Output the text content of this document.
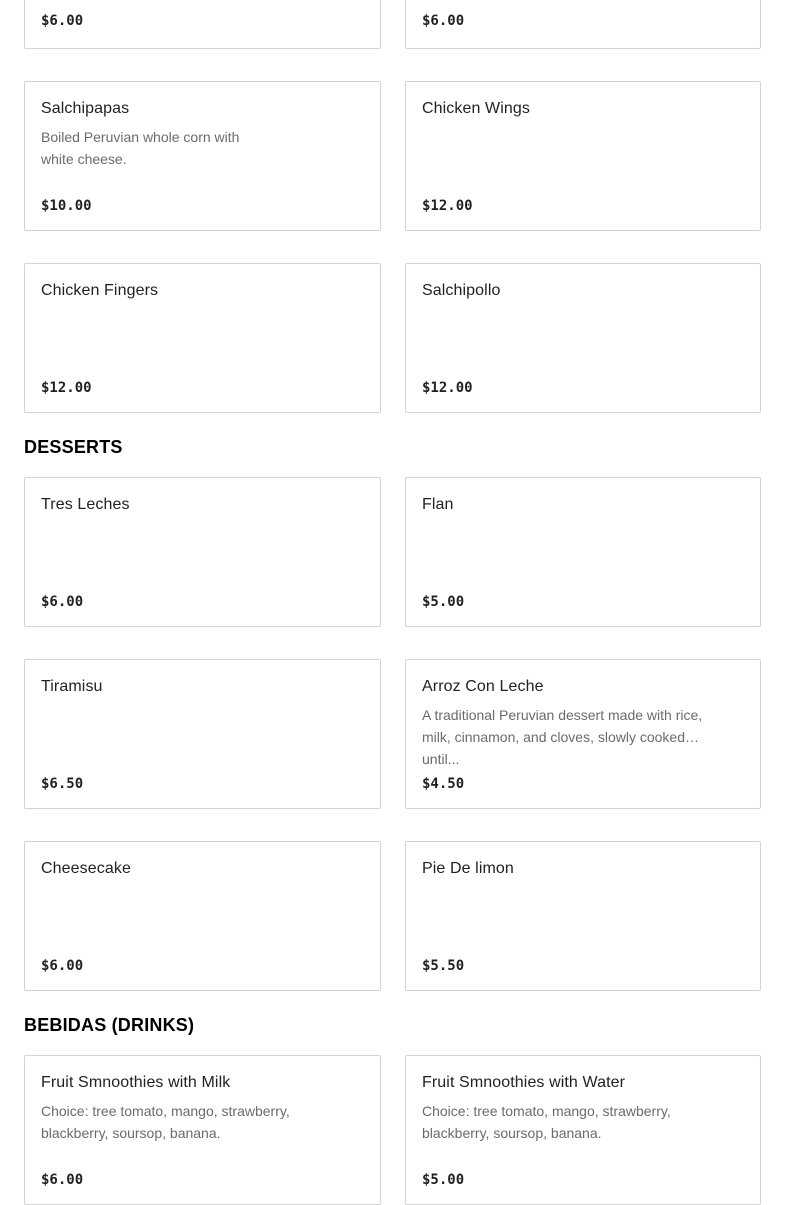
$6.00	$6.00
Salchipapas
Boiled Peruvian whole corn with white cheese.
$10.00
Chicken Wings
$12.00
Chicken Fingers
$12.00
Salchipollo
$12.00
DESSERTS
Tres Leches
$6.00
Flan
$5.00
Tiramisu
$6.50
Arroz Con Leche
A traditional Peruvian dessert made with rice, milk, cinnamon, and cloves, slowly cooked until...
$4.50
Cheesecake
$6.00
Pie De limon
$5.50
BEBIDAS (DRINKS)
Fruit Smnoothies with Milk
Choice: tree tomato, mango, strawberry, blackberry, soursop, banana.
$6.00
Fruit Smnoothies with Water
Choice: tree tomato, mango, strawberry, blackberry, soursop, banana.
$5.00
